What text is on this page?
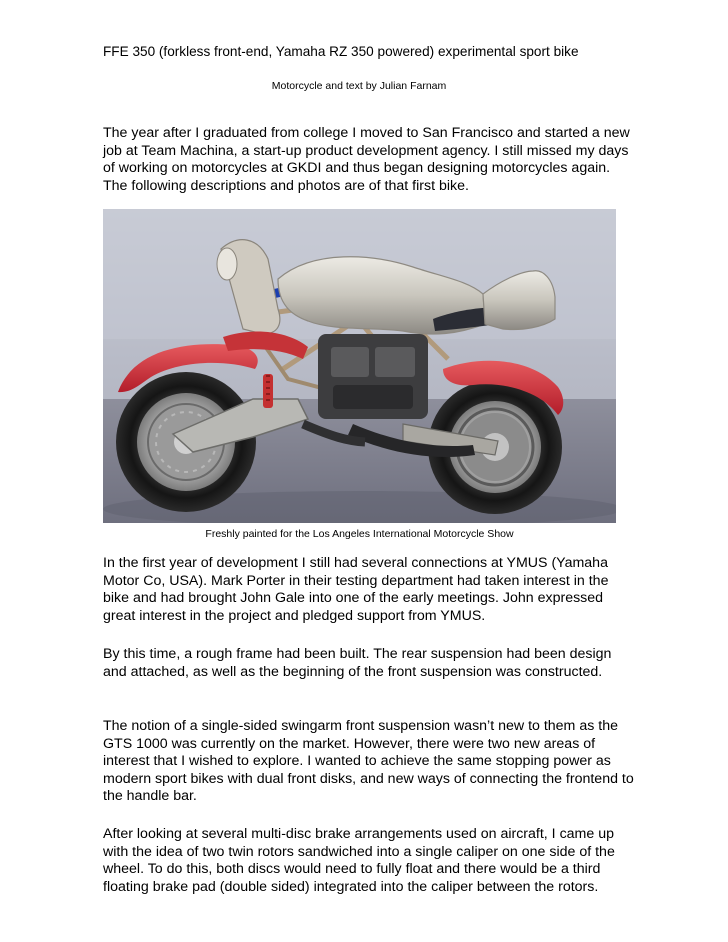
FFE 350 (forkless front-end, Yamaha RZ 350 powered) experimental sport bike
Motorcycle and text by Julian Farnam

The year after I graduated from college I moved to San Francisco and started a new job at Team Machina, a start-up product development agency. I still missed my days of working on motorcycles at GKDI and thus began designing motorcycles again. The following descriptions and photos are of that first bike.

Freshly painted for the Los Angeles International Motorcycle Show

In the first year of development I still had several connections at YMUS (Yamaha Motor Co, USA). Mark Porter in their testing department had taken interest in the bike and had brought John Gale into one of the early meetings. John expressed great interest in the project and pledged support from YMUS.

By this time, a rough frame had been built. The rear suspension had been design and attached, as well as the beginning of the front suspension was constructed.

The notion of a single-sided swingarm front suspension wasn’t new to them as the GTS 1000 was currently on the market. However, there were two new areas of interest that I wished to explore. I wanted to achieve the same stopping power as modern sport bikes with dual front disks, and new ways of connecting the frontend to the handle bar.

After looking at several multi-disc brake arrangements used on aircraft, I came up with the idea of two twin rotors sandwiched into a single caliper on one side of the wheel. To do this, both discs would need to fully float and there would be a third floating brake pad (double sided) integrated into the caliper between the rotors.
